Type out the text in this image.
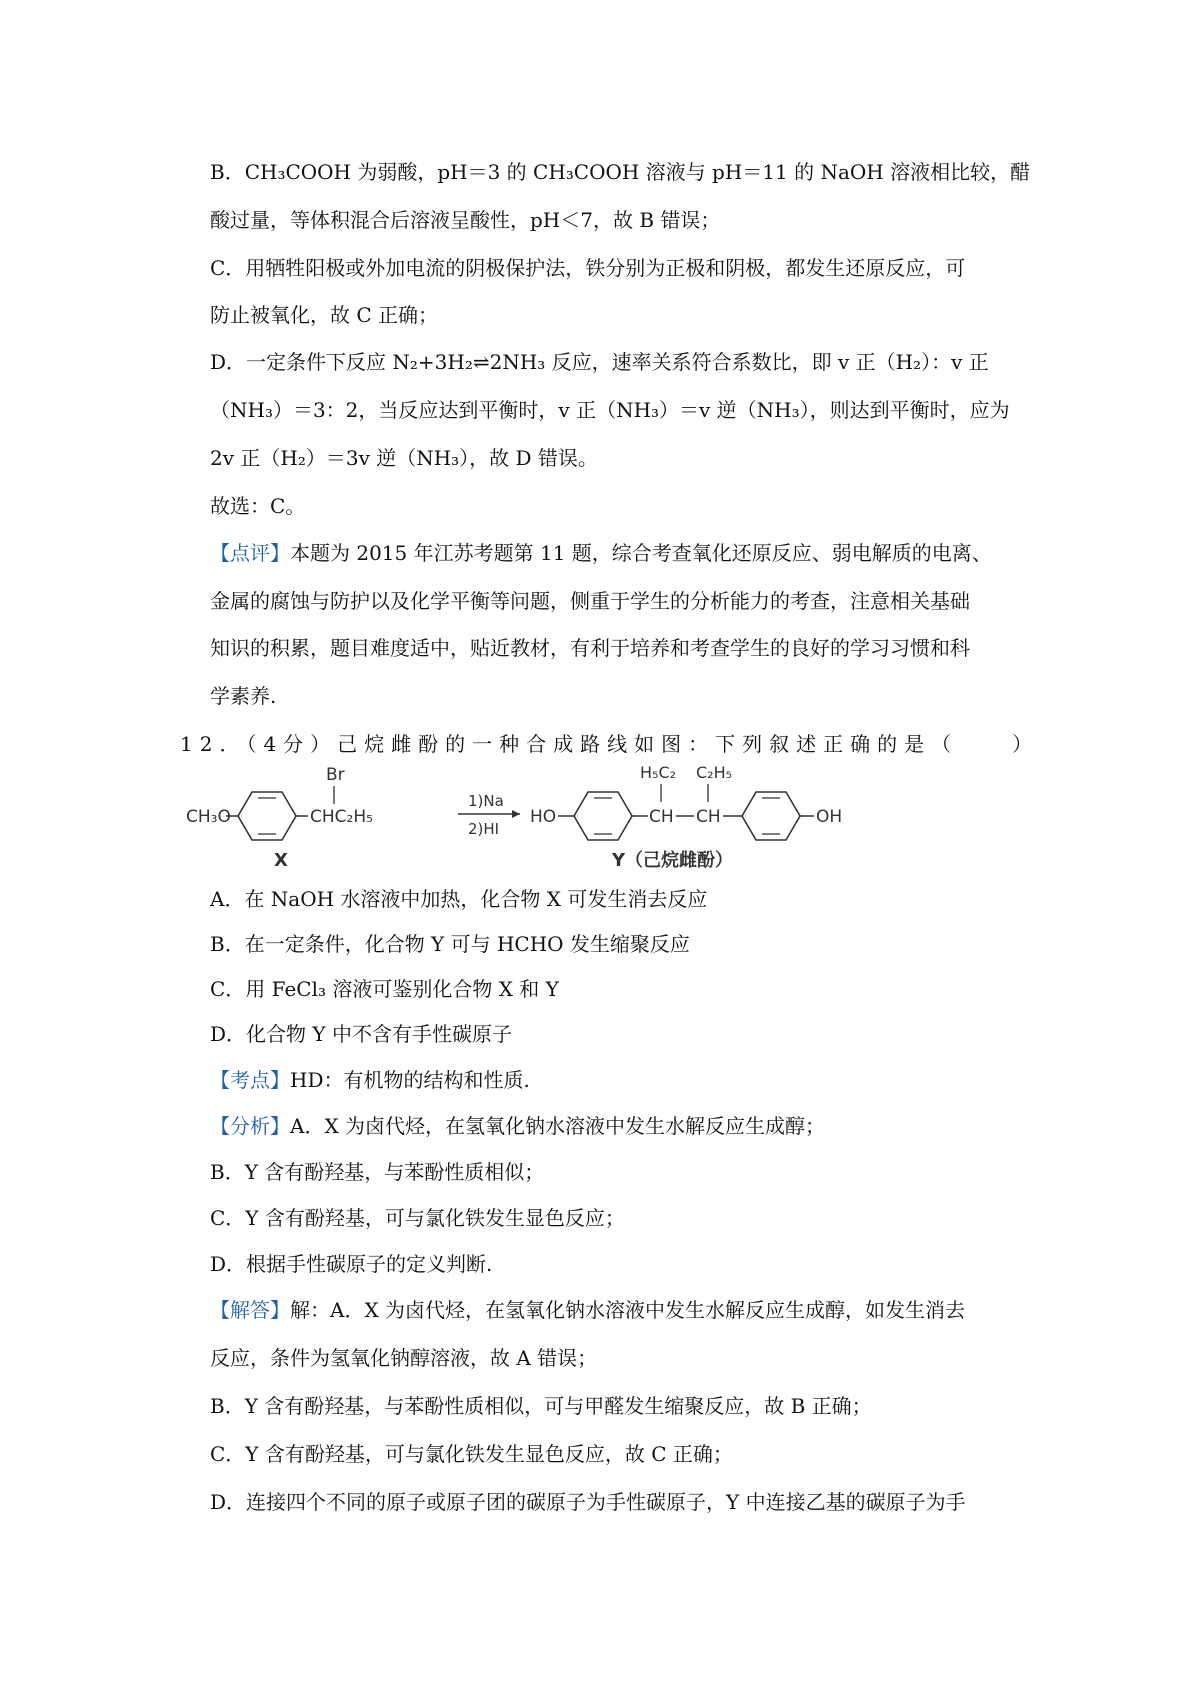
B．CH₃COOH 为弱酸，pH＝3 的 CH₃COOH 溶液与 pH＝11 的 NaOH 溶液相比较，醋
酸过量，等体积混合后溶液呈酸性，pH＜7，故 B 错误；
C．用牺牲阳极或外加电流的阴极保护法，铁分别为正极和阴极，都发生还原反应，可
防止被氧化，故 C 正确；
D．一定条件下反应 N₂+3H₂⇌2NH₃ 反应，速率关系符合系数比，即 v 正（H₂）：v 正
（NH₃）＝3：2，当反应达到平衡时，v 正（NH₃）＝v 逆（NH₃），则达到平衡时，应为
2v 正（H₂）＝3v 逆（NH₃），故 D 错误。
故选：C。
【点评】本题为 2015 年江苏考题第 11 题，综合考查氧化还原反应、弱电解质的电离、
金属的腐蚀与防护以及化学平衡等问题，侧重于学生的分析能力的考查，注意相关基础
知识的积累，题目难度适中，贴近教材，有利于培养和考查学生的良好的学习习惯和科
学素养.
12．（4分）己烷雌酚的一种合成路线如图：下列叙述正确的是（　　）
CH₃O
Br
CHC₂H₅
X
1)Na
2)HI
HO
H₅C₂
CH
C₂H₅
CH	OH
Y（己烷雌酚）
A．在 NaOH 水溶液中加热，化合物 X 可发生消去反应
B．在一定条件，化合物 Y 可与 HCHO 发生缩聚反应
C．用 FeCl₃ 溶液可鉴别化合物 X 和 Y
D．化合物 Y 中不含有手性碳原子
【考点】HD：有机物的结构和性质.
【分析】A．X 为卤代烃，在氢氧化钠水溶液中发生水解反应生成醇；
B．Y 含有酚羟基，与苯酚性质相似；
C．Y 含有酚羟基，可与氯化铁发生显色反应；
D．根据手性碳原子的定义判断.
【解答】解：A．X 为卤代烃，在氢氧化钠水溶液中发生水解反应生成醇，如发生消去
反应，条件为氢氧化钠醇溶液，故 A 错误；
B．Y 含有酚羟基，与苯酚性质相似，可与甲醛发生缩聚反应，故 B 正确；
C．Y 含有酚羟基，可与氯化铁发生显色反应，故 C 正确；
D．连接四个不同的原子或原子团的碳原子为手性碳原子，Y 中连接乙基的碳原子为手
